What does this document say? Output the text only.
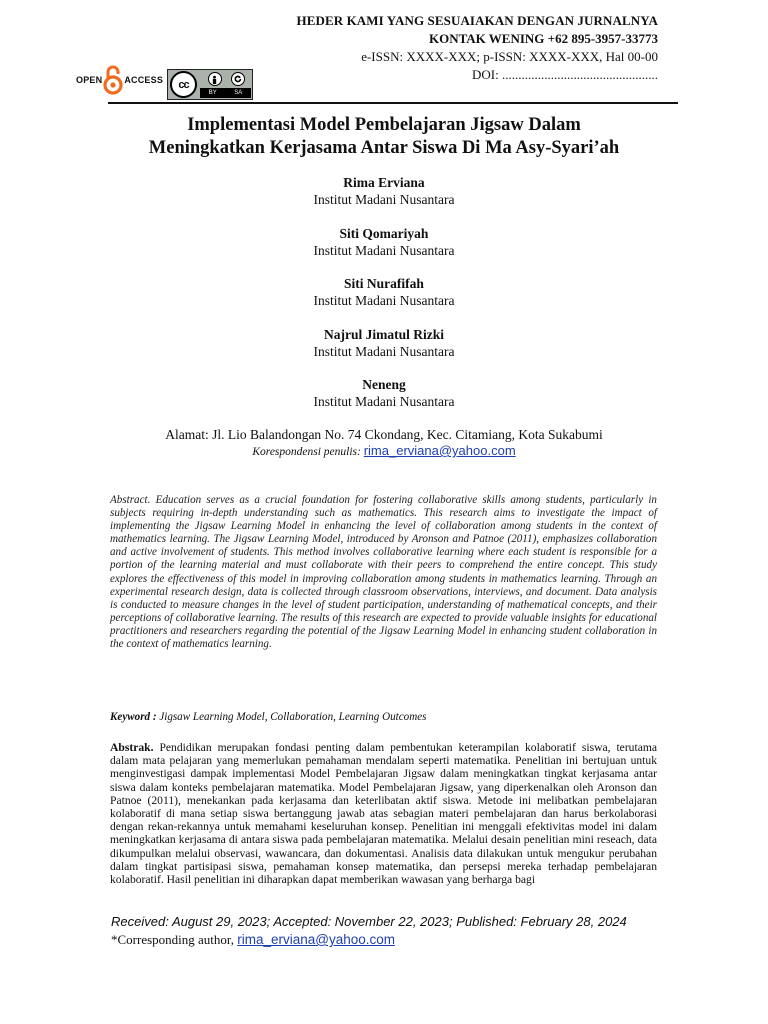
HEDER KAMI YANG SESUAIAKAN DENGAN JURNALNYA
KONTAK WENING +62 895-3957-33773
e-ISSN: XXXX-XXX; p-ISSN: XXXX-XXX, Hal 00-00
DOI: ................................................
OPEN ACCESS	cc
BY	SA
Implementasi Model Pembelajaran Jigsaw Dalam
Meningkatkan Kerjasama Antar Siswa Di Ma Asy-Syari’ah
Rima Erviana
Institut Madani Nusantara
Siti Qomariyah
Institut Madani Nusantara
Siti Nurafifah
Institut Madani Nusantara
Najrul Jimatul Rizki
Institut Madani Nusantara
Neneng
Institut Madani Nusantara
Alamat: Jl. Lio Balandongan No. 74 Ckondang, Kec. Citamiang, Kota Sukabumi
Korespondensi penulis: rima_erviana@yahoo.com
Abstract. Education serves as a crucial foundation for fostering collaborative skills among students, particularly in subjects requiring in-depth understanding such as mathematics. This research aims to investigate the impact of implementing the Jigsaw Learning Model in enhancing the level of collaboration among students in the context of mathematics learning. The Jigsaw Learning Model, introduced by Aronson and Patnoe (2011), emphasizes collaboration and active involvement of students. This method involves collaborative learning where each student is responsible for a portion of the learning material and must collaborate with their peers to comprehend the entire concept. This study explores the effectiveness of this model in improving collaboration among students in mathematics learning. Through an experimental research design, data is collected through classroom observations, interviews, and document. Data analysis is conducted to measure changes in the level of student participation, understanding of mathematical concepts, and their perceptions of collaborative learning. The results of this research are expected to provide valuable insights for educational practitioners and researchers regarding the potential of the Jigsaw Learning Model in enhancing student collaboration in the context of mathematics learning.
Keyword : Jigsaw Learning Model, Collaboration, Learning Outcomes
Abstrak. Pendidikan merupakan fondasi penting dalam pembentukan keterampilan kolaboratif siswa, terutama dalam mata pelajaran yang memerlukan pemahaman mendalam seperti matematika. Penelitian ini bertujuan untuk menginvestigasi dampak implementasi Model Pembelajaran Jigsaw dalam meningkatkan tingkat kerjasama antar siswa dalam konteks pembelajaran matematika. Model Pembelajaran Jigsaw, yang diperkenalkan oleh Aronson dan Patnoe (2011), menekankan pada kerjasama dan keterlibatan aktif siswa. Metode ini melibatkan pembelajaran kolaboratif di mana setiap siswa bertanggung jawab atas sebagian materi pembelajaran dan harus berkolaborasi dengan rekan-rekannya untuk memahami keseluruhan konsep. Penelitian ini menggali efektivitas model ini dalam meningkatkan kerjasama di antara siswa pada pembelajaran matematika. Melalui desain penelitian mini reseach, data dikumpulkan melalui observasi, wawancara, dan dokumentasi. Analisis data dilakukan untuk mengukur perubahan dalam tingkat partisipasi siswa, pemahaman konsep matematika, dan persepsi mereka terhadap pembelajaran kolaboratif. Hasil penelitian ini diharapkan dapat memberikan wawasan yang berharga bagi
Received: August 29, 2023; Accepted: November 22, 2023; Published: February 28, 2024
*Corresponding author, rima_erviana@yahoo.com
